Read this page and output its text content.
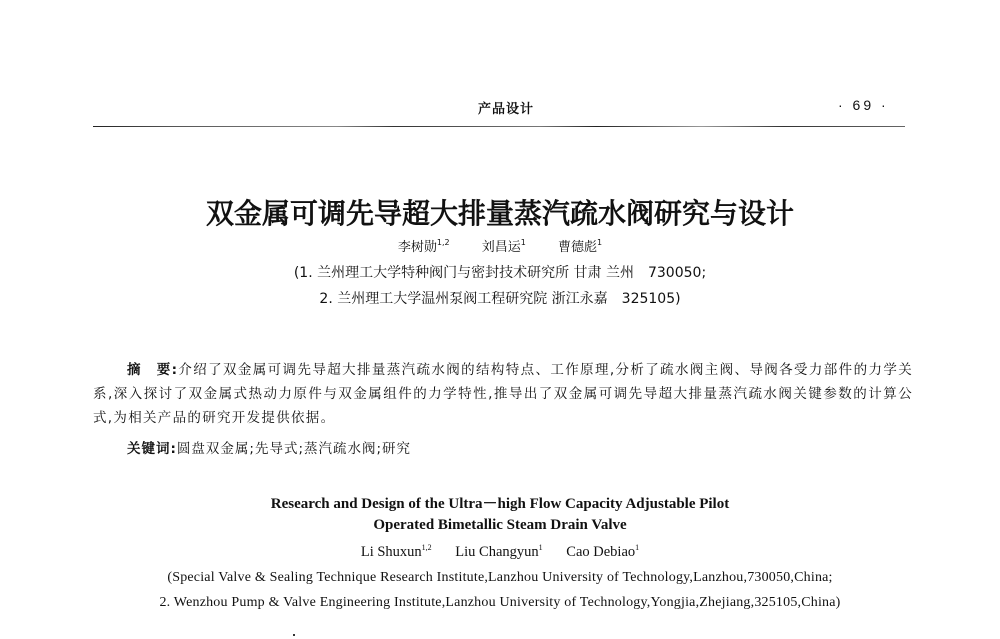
产品设计	· 69 ·
双金属可调先导超大排量蒸汽疏水阀研究与设计
李树勋$^{1,2}$ 刘昌运$^1$ 曹德彪$^1$
(1. 兰州理工大学特种阀门与密封技术研究所 甘肃 兰州　730050;
2. 兰州理工大学温州泵阀工程研究院 浙江永嘉　325105)
摘　要:介绍了双金属可调先导超大排量蒸汽疏水阀的结构特点、工作原理,分析了疏水阀主阀、导阀各受力部件的力学关系,深入探讨了双金属式热动力原件与双金属组件的力学特性,推导出了双金属可调先导超大排量蒸汽疏水阀关键参数的计算公式,为相关产品的研究开发提供依据。
关键词:圆盘双金属;先导式;蒸汽疏水阀;研究
Research and Design of the Ultra－high Flow Capacity Adjustable Pilot
Operated Bimetallic Steam Drain Valve
Li Shuxun$^{1,2}$ Liu Changyun$^1$ Cao Debiao$^1$
(Special Valve & Sealing Technique Research Institute,Lanzhou University of Technology,Lanzhou,730050,China;
2. Wenzhou Pump & Valve Engineering Institute,Lanzhou University of Technology,Yongjia,Zhejiang,325105,China)
